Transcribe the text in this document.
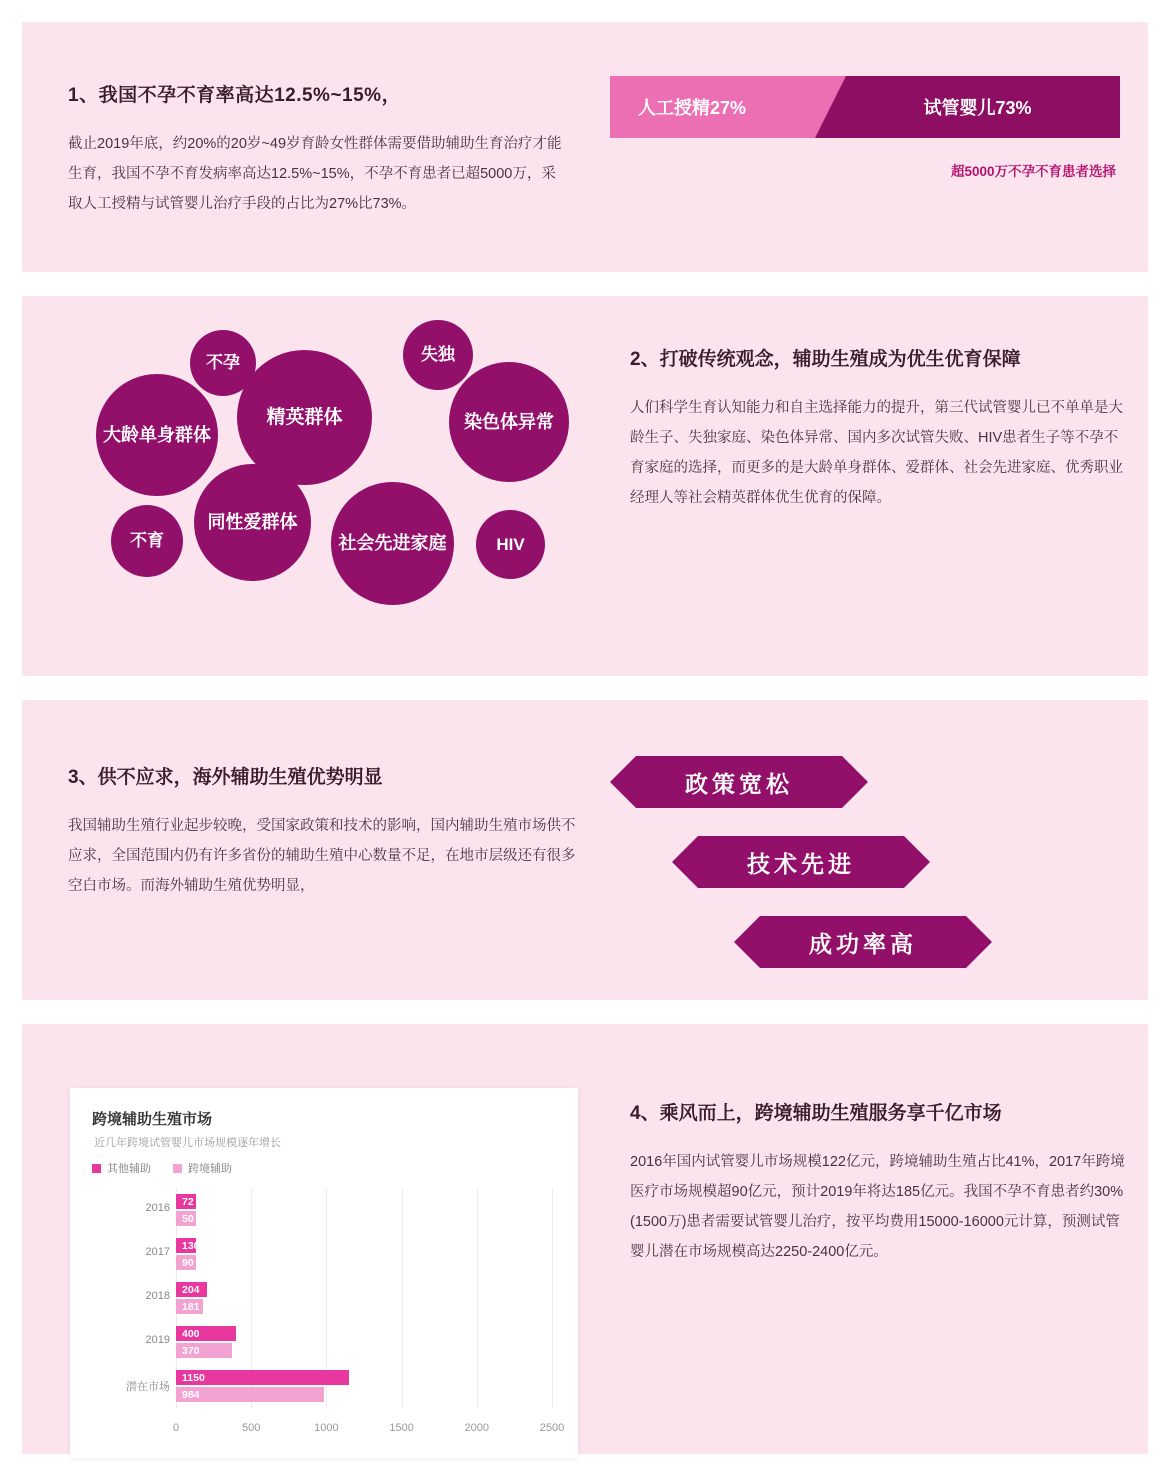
1、我国不孕不育率高达12.5%~15%，
截止2019年底，约20%的20岁~49岁育龄女性群体需要借助辅助生育治疗才能生育，我国不孕不育发病率高达12.5%~15%，不孕不育患者已超5000万，采取人工授精与试管婴儿治疗手段的占比为27%比73%。
人工授精27%	试管婴儿73%
超5000万不孕不育患者选择
不孕	失独
大龄单身 群体
精英群体	染色体 异常
不育
同性爱 群体
社会先进 家庭	HIV
2、打破传统观念，辅助生殖成为优生优育保障
人们科学生育认知能力和自主选择能力的提升，第三代试管婴儿已不单单是大龄生子、失独家庭、染色体异常、国内多次试管失败、HIV患者生子等不孕不育家庭的选择，而更多的是大龄单身群体、爱群体、社会先进家庭、优秀职业经理人等社会精英群体优生优育的保障。
3、供不应求，海外辅助生殖优势明显
我国辅助生殖行业起步较晚，受国家政策和技术的影响，国内辅助生殖市场供不应求，全国范围内仍有许多省份的辅助生殖中心数量不足，在地市层级还有很多空白市场。而海外辅助生殖优势明显，
政策宽松
技术先进
成功率高
跨境辅助生殖市场
近几年跨境试管婴儿市场规模逐年增长
其他辅助	跨境辅助
0	500	1000	1500	2000	2500
2016
72
50
2017
130
90
2018
204
181
2019
400
370
潜在市场
1150
984
4、乘风而上，跨境辅助生殖服务享千亿市场
2016年国内试管婴儿市场规模122亿元，跨境辅助生殖占比41%，2017年跨境医疗市场规模超90亿元，预计2019年将达185亿元。我国不孕不育患者约30%(1500万)患者需要试管婴儿治疗，按平均费用15000-16000元计算，预测试管婴儿潜在市场规模高达2250-2400亿元。
